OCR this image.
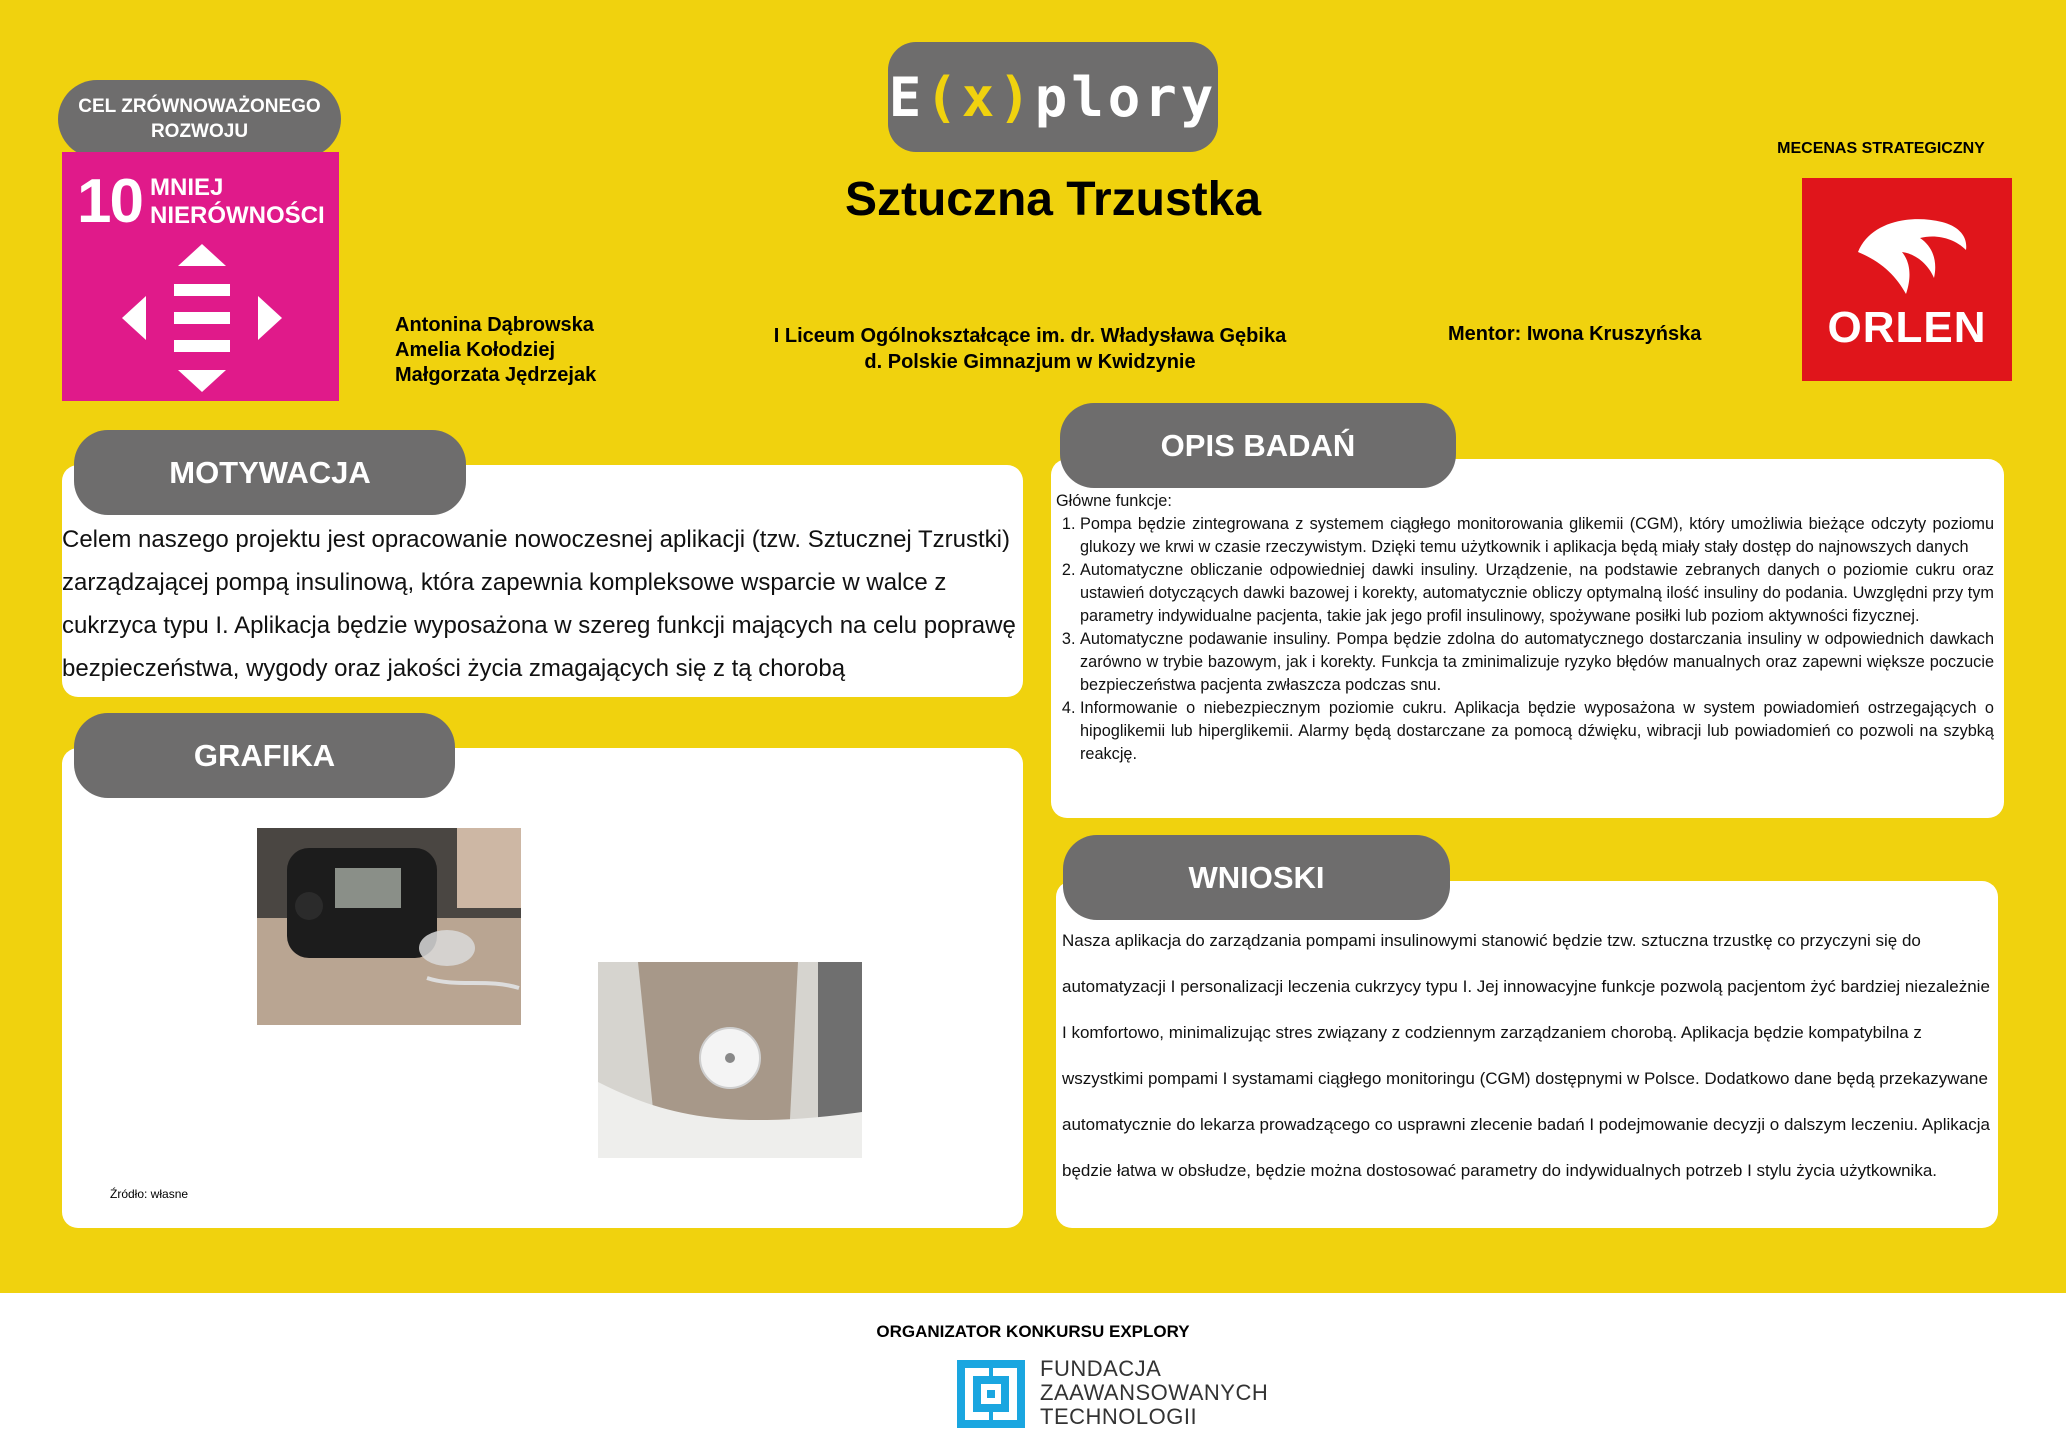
CEL ZRÓWNOWAŻONEGO ROZWOJU
10 MNIEJ
NIERÓWNOŚCI
E ( x ) plory
Sztuczna Trzustka
Antonina Dąbrowska
Amelia Kołodziej
Małgorzata Jędrzejak
I Liceum Ogólnokształcące im. dr. Władysława Gębika
d. Polskie Gimnazjum w Kwidzynie
Mentor: Iwona Kruszyńska
MECENAS STRATEGICZNY
ORLEN
MOTYWACJA
Celem naszego projektu jest opracowanie nowoczesnej aplikacji (tzw. Sztucznej Tzrustki) zarządzającej pompą insulinową, która zapewnia kompleksowe wsparcie w walce z cukrzyca typu I. Aplikacja będzie wyposażona w szereg funkcji mających na celu poprawę bezpieczeństwa, wygody oraz jakości życia zmagających się z tą chorobą
GRAFIKA
Źródło: własne
OPIS BADAŃ
Główne funkcje:
1. Pompa będzie zintegrowana z systemem ciągłego monitorowania glikemii (CGM), który umożliwia bieżące odczyty poziomu glukozy we krwi w czasie rzeczywistym. Dzięki temu użytkownik i aplikacja będą miały stały dostęp do najnowszych danych
2. Automatyczne obliczanie odpowiedniej dawki insuliny. Urządzenie, na podstawie zebranych danych o poziomie cukru oraz ustawień dotyczących dawki bazowej i korekty, automatycznie obliczy optymalną ilość insuliny do podania. Uwzględni przy tym parametry indywidualne pacjenta, takie jak jego profil insulinowy, spożywane posiłki lub poziom aktywności fizycznej.
3. Automatyczne podawanie insuliny. Pompa będzie zdolna do automatycznego dostarczania insuliny w odpowiednich dawkach zarówno w trybie bazowym, jak i korekty. Funkcja ta zminimalizuje ryzyko błędów manualnych oraz zapewni większe poczucie bezpieczeństwa pacjenta zwłaszcza podczas snu.
4. Informowanie o niebezpiecznym poziomie cukru. Aplikacja będzie wyposażona w system powiadomień ostrzegających o hipoglikemii lub hiperglikemii. Alarmy będą dostarczane za pomocą dźwięku, wibracji lub powiadomień co pozwoli na szybką reakcję.
WNIOSKI
Nasza aplikacja do zarządzania pompami insulinowymi stanowić będzie tzw. sztuczna trzustkę co przyczyni się do automatyzacji I personalizacji leczenia cukrzycy typu I. Jej innowacyjne funkcje pozwolą pacjentom żyć bardziej niezależnie I komfortowo, minimalizując stres związany z codziennym zarządzaniem chorobą. Aplikacja będzie kompatybilna z wszystkimi pompami I systamami ciągłego monitoringu (CGM) dostępnymi w Polsce. Dodatkowo dane będą przekazywane automatycznie do lekarza prowadzącego co usprawni zlecenie badań I podejmowanie decyzji o dalszym leczeniu. Aplikacja będzie łatwa w obsłudze, będzie można dostosować parametry do indywidualnych potrzeb I stylu życia użytkownika.
ORGANIZATOR KONKURSU EXPLORY
FUNDACJA
ZAAWANSOWANYCH
TECHNOLOGII
